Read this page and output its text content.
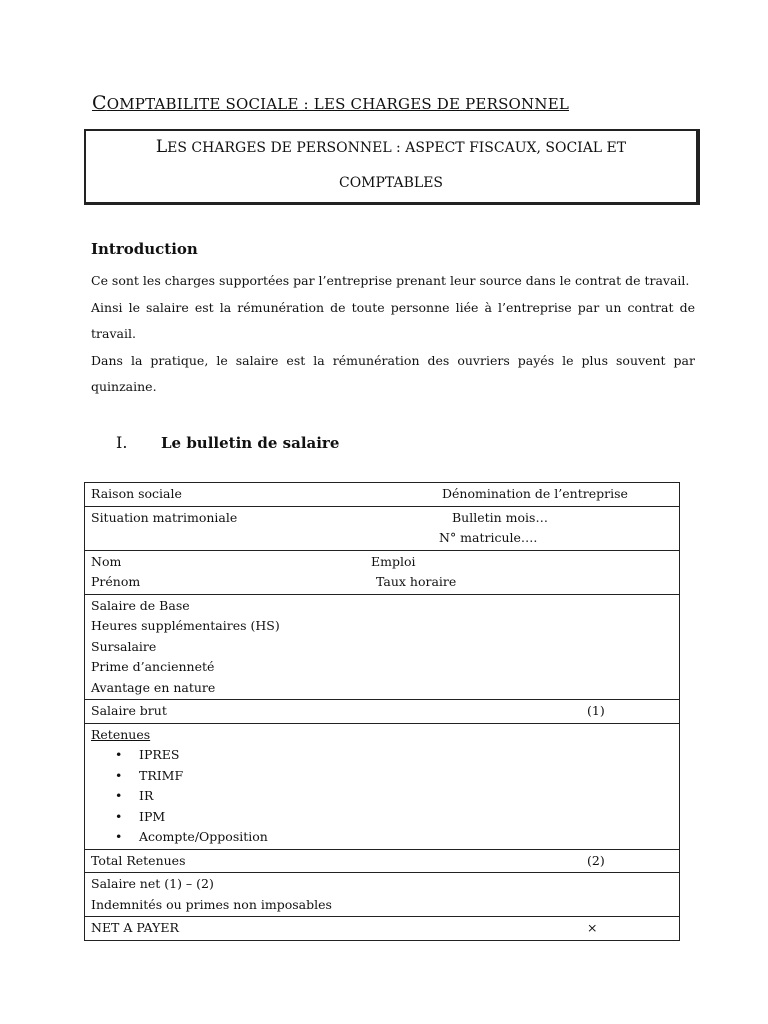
COMPTABILITE SOCIALE : LES CHARGES DE PERSONNEL
LES CHARGES DE PERSONNEL : ASPECT FISCAUX, SOCIAL ET
COMPTABLES
Introduction

Ce sont les charges supportées par l’entreprise prenant leur source dans le contrat de travail.

Ainsi le salaire est la rémunération de toute personne liée à l’entreprise par un contrat de travail.

Dans la pratique, le salaire est la rémunération des ouvriers payés le plus souvent par quinzaine.

I. Le bulletin de salaire
Raison sociale	Dénomination de l’entreprise

Situation matrimoniale	Bulletin mois…
N° matricule….

Nom	Emploi
Prénom	Taux horaire

Salaire de Base
Heures supplémentaires (HS)
Sursalaire
Prime d’ancienneté
Avantage en nature

Salaire brut	(1)

Retenues
• IPRES
• TRIMF
• IR
• IPM
• Acompte/Opposition

Total Retenues	(2)

Salaire net (1) – (2)
Indemnités ou primes non imposables

NET A PAYER	×
